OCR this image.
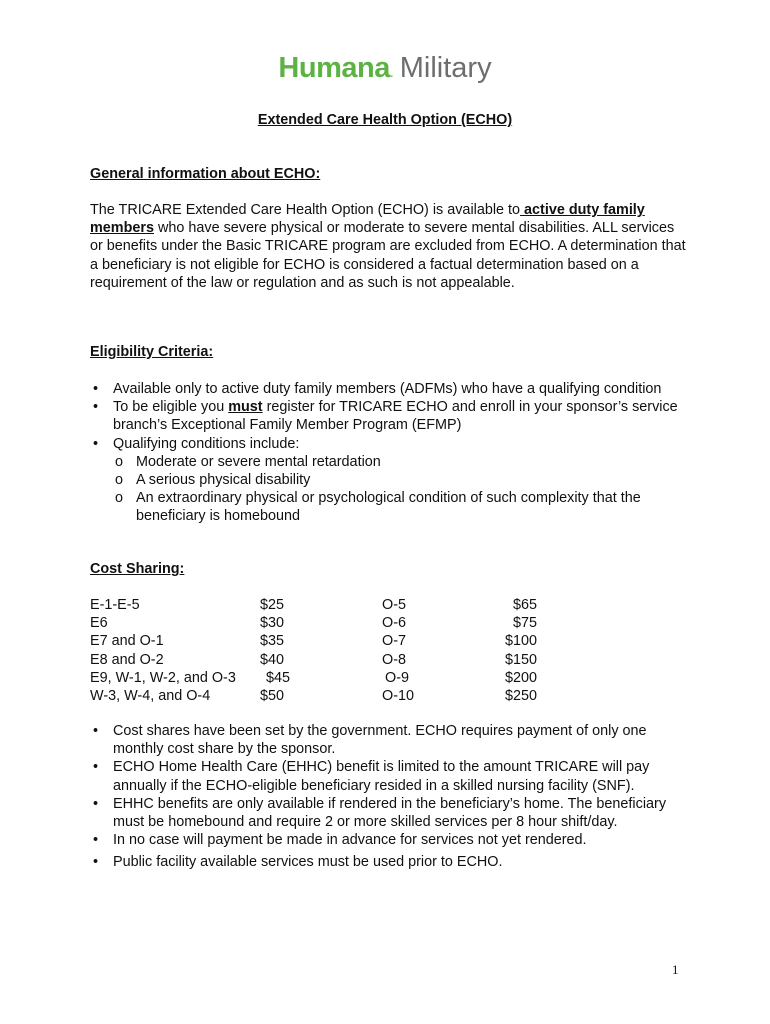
Humana. Military
Extended Care Health Option (ECHO)
General information about ECHO:
The TRICARE Extended Care Health Option (ECHO) is available to active duty family members who have severe physical or moderate to severe mental disabilities. ALL services or benefits under the Basic TRICARE program are excluded from ECHO. A determination that a beneficiary is not eligible for ECHO is considered a factual determination based on a requirement of the law or regulation and as such is not appealable.
Eligibility Criteria:
• Available only to active duty family members (ADFMs) who have a qualifying condition
• To be eligible you must register for TRICARE ECHO and enroll in your sponsor’s service branch’s Exceptional Family Member Program (EFMP)
• Qualifying conditions include:
o Moderate or severe mental retardation
o A serious physical disability
o An extraordinary physical or psychological condition of such complexity that the beneficiary is homebound
Cost Sharing:
E-1-E-5	$25	O-5	$65
E6	$30	O-6	$75
E7 and O-1	$35	O-7	$100
E8 and O-2	$40	O-8	$150
E9, W-1, W-2, and O-3 $45	O-9	$200
W-3, W-4, and O-4	$50	O-10	$250
• Cost shares have been set by the government. ECHO requires payment of only one monthly cost share by the sponsor.
• ECHO Home Health Care (EHHC) benefit is limited to the amount TRICARE will pay annually if the ECHO-eligible beneficiary resided in a skilled nursing facility (SNF).
• EHHC benefits are only available if rendered in the beneficiary’s home. The beneficiary must be homebound and require 2 or more skilled services per 8 hour shift/day.
• In no case will payment be made in advance for services not yet rendered.
• Public facility available services must be used prior to ECHO.
1
